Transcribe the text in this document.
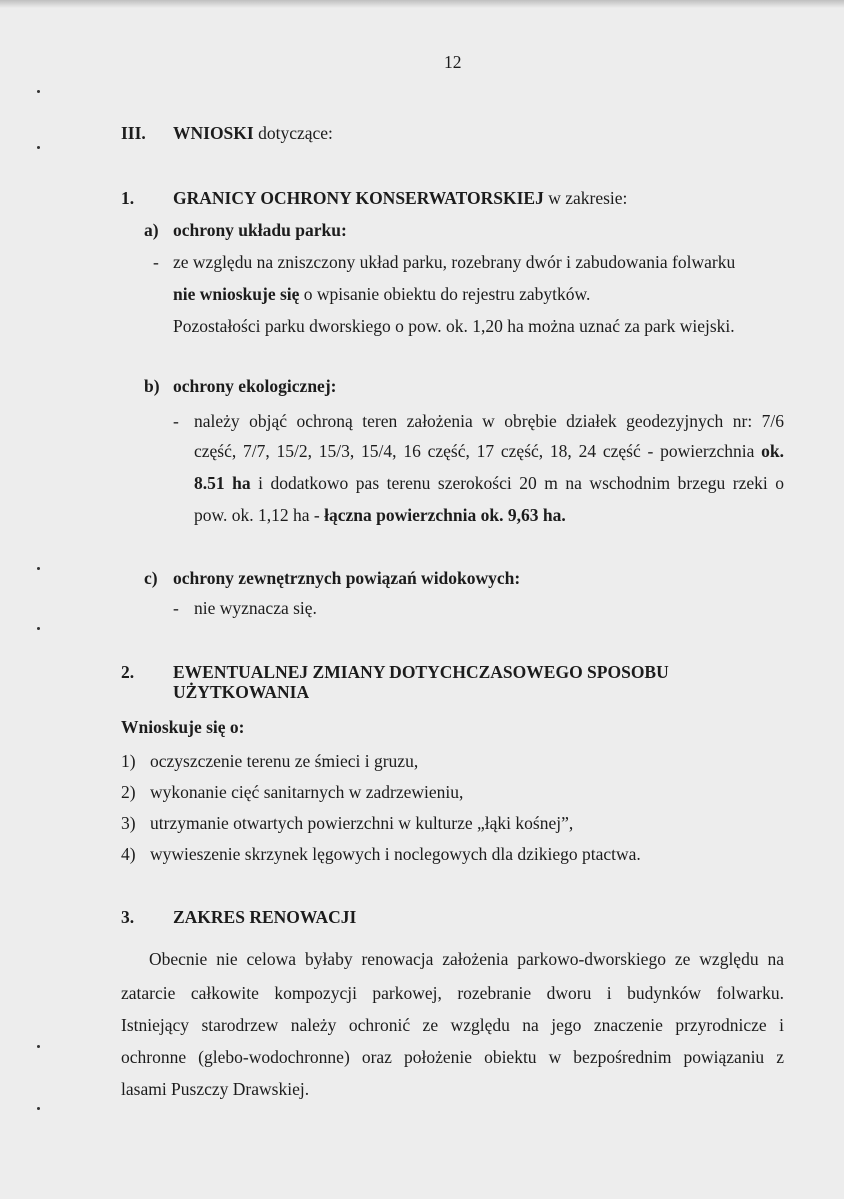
12
III. WNIOSKI dotyczące:
1. GRANICY OCHRONY KONSERWATORSKIEJ w zakresie:
a) ochrony układu parku:
- ze względu na zniszczony układ parku, rozebrany dwór i zabudowania folwarku
nie wnioskuje się o wpisanie obiektu do rejestru zabytków.
Pozostałości parku dworskiego o pow. ok. 1,20 ha można uznać za park wiejski.
b) ochrony ekologicznej:
- należy objąć ochroną teren założenia w obrębie działek geodezyjnych nr: 7/6
część, 7/7, 15/2, 15/3, 15/4, 16 część, 17 część, 18, 24 część - powierzchnia ok.
8.51 ha i dodatkowo pas terenu szerokości 20 m na wschodnim brzegu rzeki o
pow. ok. 1,12 ha - łączna powierzchnia ok. 9,63 ha.
c) ochrony zewnętrznych powiązań widokowych:
- nie wyznacza się.
2. EWENTUALNEJ ZMIANY DOTYCHCZASOWEGO SPOSOBU
UŻYTKOWANIA
Wnioskuje się o:
1) oczyszczenie terenu ze śmieci i gruzu,
2) wykonanie cięć sanitarnych w zadrzewieniu,
3) utrzymanie otwartych powierzchni w kulturze „łąki kośnej”,
4) wywieszenie skrzynek lęgowych i noclegowych dla dzikiego ptactwa.
3. ZAKRES RENOWACJI
Obecnie nie celowa byłaby renowacja założenia parkowo-dworskiego ze względu na
zatarcie całkowite kompozycji parkowej, rozebranie dworu i budynków folwarku.
Istniejący starodrzew należy ochronić ze względu na jego znaczenie przyrodnicze i
ochronne (glebo-wodochronne) oraz położenie obiektu w bezpośrednim powiązaniu z
lasami Puszczy Drawskiej.
